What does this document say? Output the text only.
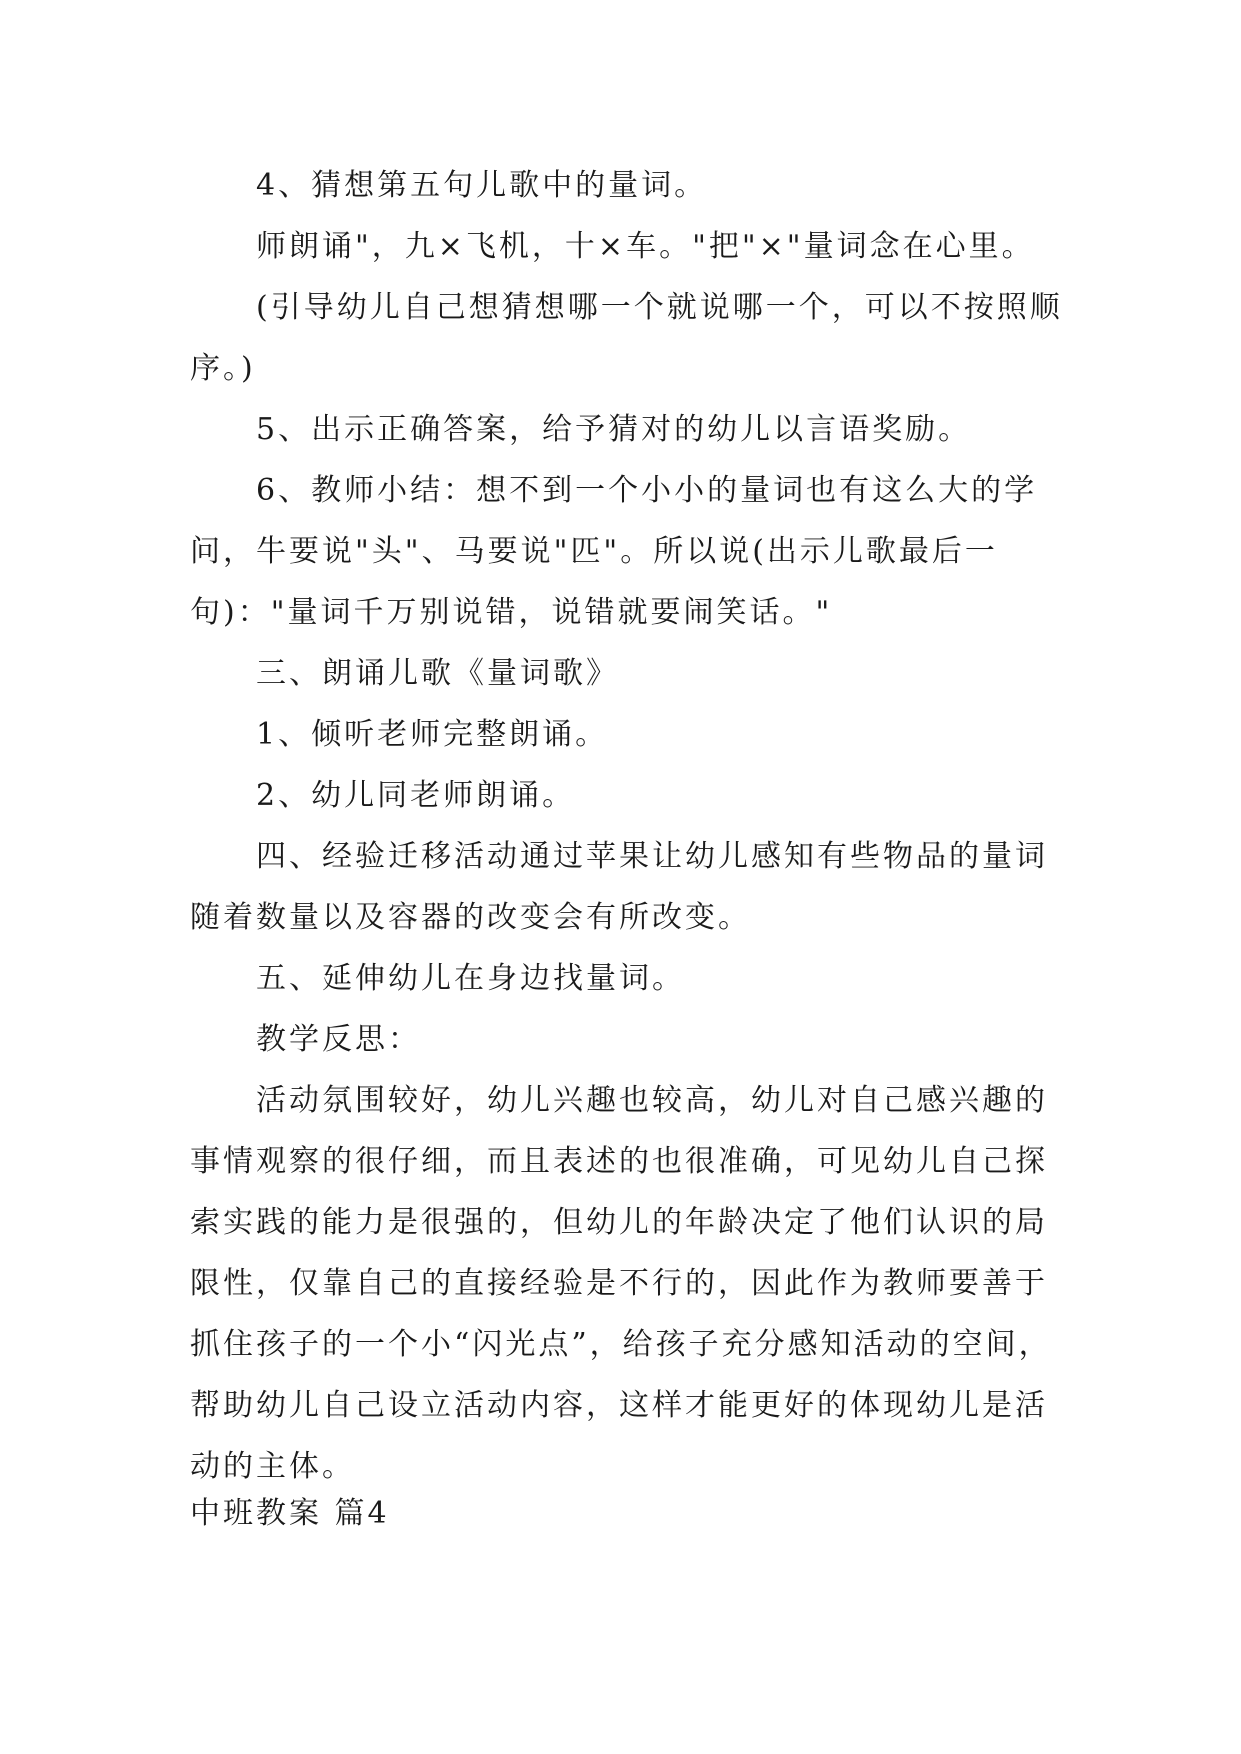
4、猜想第五句儿歌中的量词。

师朗诵"，九×飞机，十×车。"把"×"量词念在心里。

(引导幼儿自己想猜想哪一个就说哪一个，可以不按照顺序。)

5、出示正确答案，给予猜对的幼儿以言语奖励。

6、教师小结：想不到一个小小的量词也有这么大的学问，牛要说"头"、马要说"匹"。所以说(出示儿歌最后一句)："量词千万别说错，说错就要闹笑话。"

三、朗诵儿歌《量词歌》

1、倾听老师完整朗诵。

2、幼儿同老师朗诵。

四、经验迁移活动通过苹果让幼儿感知有些物品的量词随着数量以及容器的改变会有所改变。

五、延伸幼儿在身边找量词。

教学反思：

活动氛围较好，幼儿兴趣也较高，幼儿对自己感兴趣的事情观察的很仔细，而且表述的也很准确，可见幼儿自己探索实践的能力是很强的，但幼儿的年龄决定了他们认识的局限性，仅靠自己的直接经验是不行的，因此作为教师要善于抓住孩子的一个小“闪光点”，给孩子充分感知活动的空间，帮助幼儿自己设立活动内容，这样才能更好的体现幼儿是活动的主体。

中班教案 篇4
